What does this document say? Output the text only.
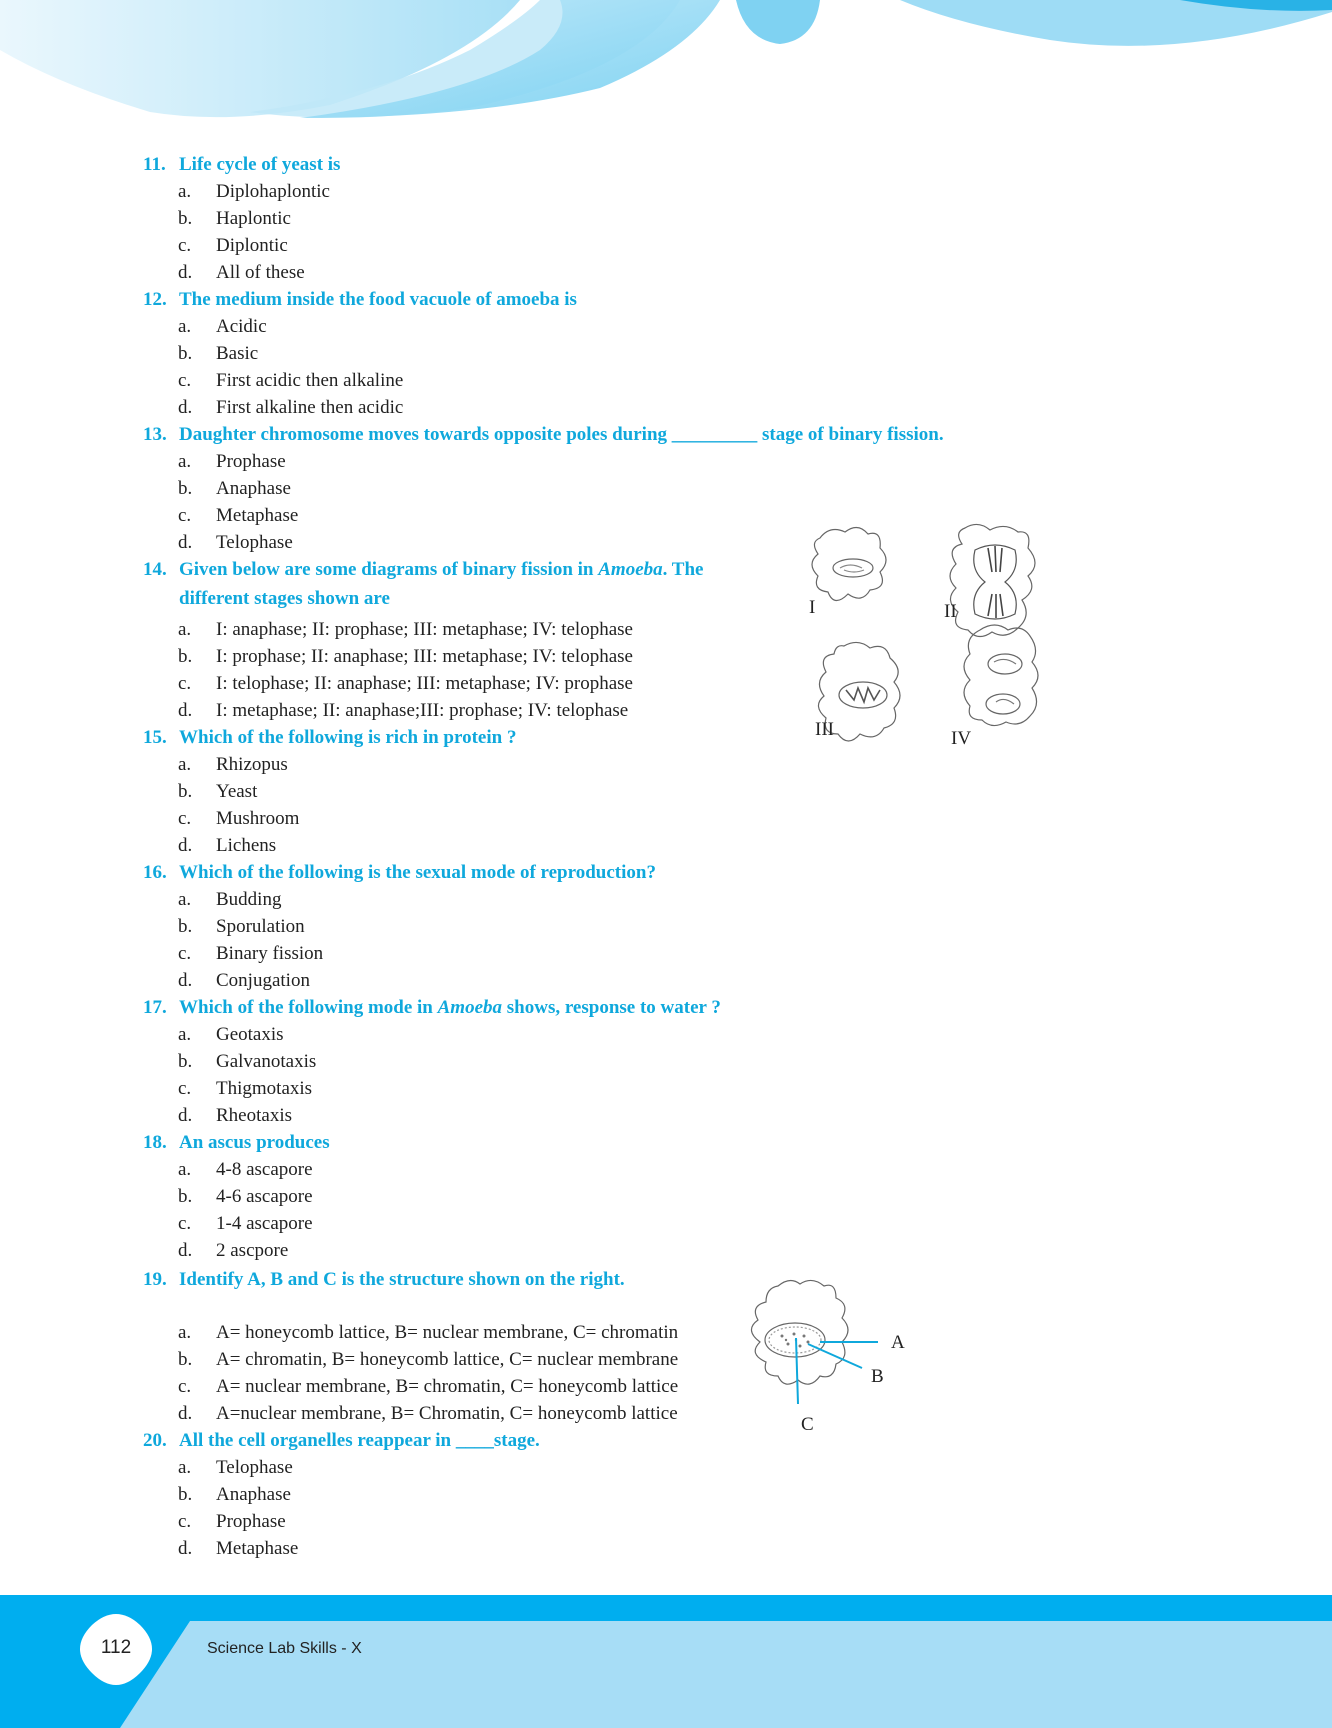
11. Life cycle of yeast is
a. Diplohaplontic
b. Haplontic
c. Diplontic
d. All of these
12. The medium inside the food vacuole of amoeba is
a. Acidic
b. Basic
c. First acidic then alkaline
d. First alkaline then acidic
13. Daughter chromosome moves towards opposite poles during _________ stage of binary fission.
a. Prophase
b. Anaphase
c. Metaphase
d. Telophase
14. Given below are some diagrams of binary fission in Amoeba. The
different stages shown are
a. I: anaphase; II: prophase; III: metaphase; IV: telophase
b. I: prophase; II: anaphase; III: metaphase; IV: telophase
c. I: telophase; II: anaphase; III: metaphase; IV: prophase
d. I: metaphase; II: anaphase;III: prophase; IV: telophase
15. Which of the following is rich in protein ?
a. Rhizopus
b. Yeast
c. Mushroom
d. Lichens
16. Which of the following is the sexual mode of reproduction?
a. Budding
b. Sporulation
c. Binary fission
d. Conjugation
17. Which of the following mode in Amoeba shows, response to water ?
a. Geotaxis
b. Galvanotaxis
c. Thigmotaxis
d. Rheotaxis
18. An ascus produces
a. 4-8 ascapore
b. 4-6 ascapore
c. 1-4 ascapore
d. 2 ascpore
19. Identify A, B and C is the structure shown on the right.
a. A= honeycomb lattice, B= nuclear membrane, C= chromatin
b. A= chromatin, B= honeycomb lattice, C= nuclear membrane
c. A= nuclear membrane, B= chromatin, C= honeycomb lattice
d. A=nuclear membrane, B= Chromatin, C= honeycomb lattice
20. All the cell organelles reappear in ____stage.
a. Telophase
b. Anaphase
c. Prophase
d. Metaphase
I	II
III	IV
A
B
C
112	Science Lab Skills - X
